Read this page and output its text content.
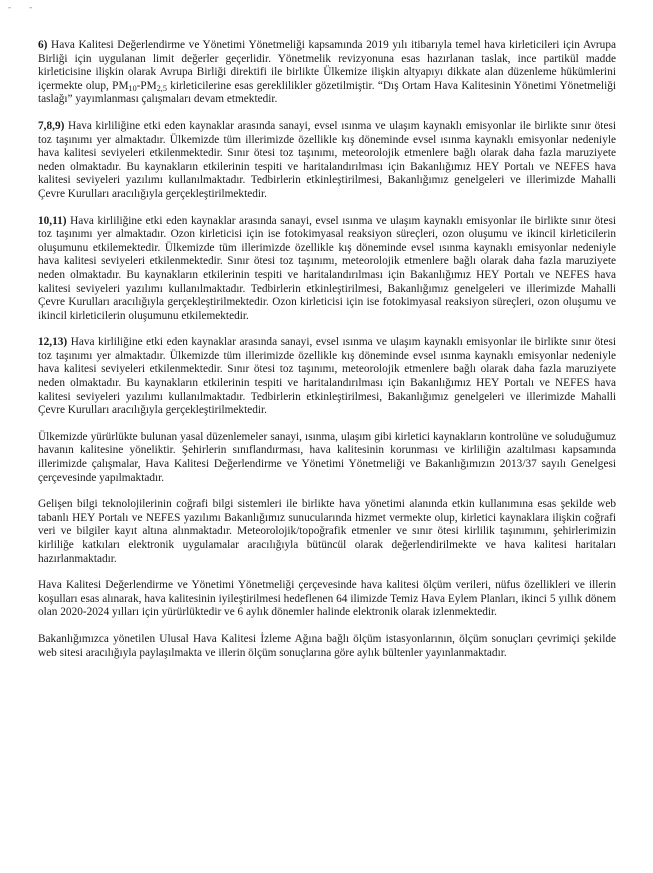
- -

6) Hava Kalitesi Değerlendirme ve Yönetimi Yönetmeliği kapsamında 2019 yılı itibarıyla temel hava kirleticileri için Avrupa Birliği için uygulanan limit değerler geçerlidir. Yönetmelik revizyonuna esas hazırlanan taslak, ince partikül madde kirleticisine ilişkin olarak Avrupa Birliği direktifi ile birlikte Ülkemize ilişkin altyapıyı dikkate alan düzenleme hükümlerini içermekte olup, $PM_{10}-PM_{2,5}$ kirleticilerine esas gereklilikler gözetilmiştir. “Dış Ortam Hava Kalitesinin Yönetimi Yönetmeliği taslağı” yayımlanması çalışmaları devam etmektedir.

7,8,9) Hava kirliliğine etki eden kaynaklar arasında sanayi, evsel ısınma ve ulaşım kaynaklı emisyonlar ile birlikte sınır ötesi toz taşınımı yer almaktadır. Ülkemizde tüm illerimizde özellikle kış döneminde evsel ısınma kaynaklı emisyonlar nedeniyle hava kalitesi seviyeleri etkilenmektedir. Sınır ötesi toz taşınımı, meteorolojik etmenlere bağlı olarak daha fazla maruziyete neden olmaktadır. Bu kaynakların etkilerinin tespiti ve haritalandırılması için Bakanlığımız HEY Portalı ve NEFES hava kalitesi seviyeleri yazılımı kullanılmaktadır. Tedbirlerin etkinleştirilmesi, Bakanlığımız genelgeleri ve illerimizde Mahalli Çevre Kurulları aracılığıyla gerçekleştirilmektedir.

10,11) Hava kirliliğine etki eden kaynaklar arasında sanayi, evsel ısınma ve ulaşım kaynaklı emisyonlar ile birlikte sınır ötesi toz taşınımı yer almaktadır. Ozon kirleticisi için ise fotokimyasal reaksiyon süreçleri, ozon oluşumu ve ikincil kirleticilerin oluşumunu etkilemektedir. Ülkemizde tüm illerimizde özellikle kış döneminde evsel ısınma kaynaklı emisyonlar nedeniyle hava kalitesi seviyeleri etkilenmektedir. Sınır ötesi toz taşınımı, meteorolojik etmenlere bağlı olarak daha fazla maruziyete neden olmaktadır. Bu kaynakların etkilerinin tespiti ve haritalandırılması için Bakanlığımız HEY Portalı ve NEFES hava kalitesi seviyeleri yazılımı kullanılmaktadır. Tedbirlerin etkinleştirilmesi, Bakanlığımız genelgeleri ve illerimizde Mahalli Çevre Kurulları aracılığıyla gerçekleştirilmektedir. Ozon kirleticisi için ise fotokimyasal reaksiyon süreçleri, ozon oluşumu ve ikincil kirleticilerin oluşumunu etkilemektedir.

12,13) Hava kirliliğine etki eden kaynaklar arasında sanayi, evsel ısınma ve ulaşım kaynaklı emisyonlar ile birlikte sınır ötesi toz taşınımı yer almaktadır. Ülkemizde tüm illerimizde özellikle kış döneminde evsel ısınma kaynaklı emisyonlar nedeniyle hava kalitesi seviyeleri etkilenmektedir. Sınır ötesi toz taşınımı, meteorolojik etmenlere bağlı olarak daha fazla maruziyete neden olmaktadır. Bu kaynakların etkilerinin tespiti ve haritalandırılması için Bakanlığımız HEY Portalı ve NEFES hava kalitesi seviyeleri yazılımı kullanılmaktadır. Tedbirlerin etkinleştirilmesi, Bakanlığımız genelgeleri ve illerimizde Mahalli Çevre Kurulları aracılığıyla gerçekleştirilmektedir.

Ülkemizde yürürlükte bulunan yasal düzenlemeler sanayi, ısınma, ulaşım gibi kirletici kaynakların kontrolüne ve soluduğumuz havanın kalitesine yöneliktir. Şehirlerin sınıflandırması, hava kalitesinin korunması ve kirliliğin azaltılması kapsamında illerimizde çalışmalar, Hava Kalitesi Değerlendirme ve Yönetimi Yönetmeliği ve Bakanlığımızın 2013/37 sayılı Genelgesi çerçevesinde yapılmaktadır.

Gelişen bilgi teknolojilerinin coğrafi bilgi sistemleri ile birlikte hava yönetimi alanında etkin kullanımına esas şekilde web tabanlı HEY Portalı ve NEFES yazılımı Bakanlığımız sunucularında hizmet vermekte olup, kirletici kaynaklara ilişkin coğrafi veri ve bilgiler kayıt altına alınmaktadır. Meteorolojik/topoğrafik etmenler ve sınır ötesi kirlilik taşınımını, şehirlerimizin kirliliğe katkıları elektronik uygulamalar aracılığıyla bütüncül olarak değerlendirilmekte ve hava kalitesi haritaları hazırlanmaktadır.

Hava Kalitesi Değerlendirme ve Yönetimi Yönetmeliği çerçevesinde hava kalitesi ölçüm verileri, nüfus özellikleri ve illerin koşulları esas alınarak, hava kalitesinin iyileştirilmesi hedeflenen 64 ilimizde Temiz Hava Eylem Planları, ikinci 5 yıllık dönem olan 2020-2024 yılları için yürürlüktedir ve 6 aylık dönemler halinde elektronik olarak izlenmektedir.

Bakanlığımızca yönetilen Ulusal Hava Kalitesi İzleme Ağına bağlı ölçüm istasyonlarının, ölçüm sonuçları çevrimiçi şekilde web sitesi aracılığıyla paylaşılmakta ve illerin ölçüm sonuçlarına göre aylık bültenler yayınlanmaktadır.
